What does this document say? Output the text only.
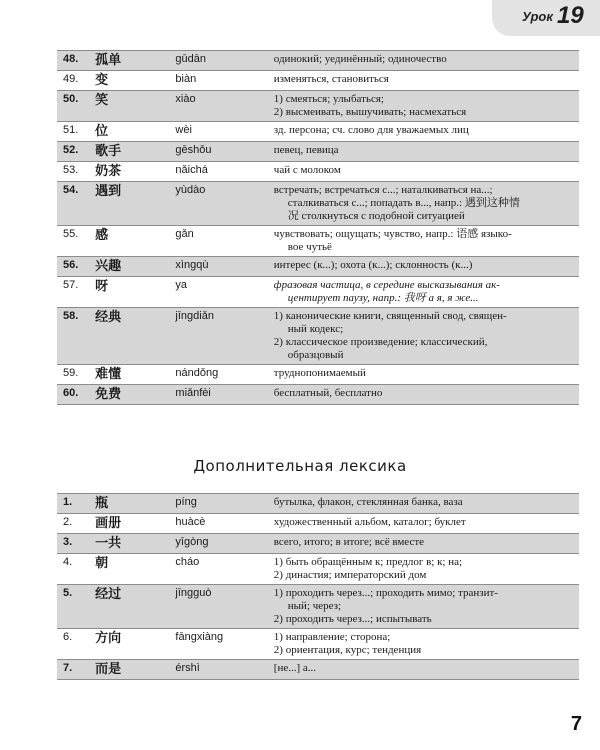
Урок 19
48.	孤单	gūdān	одинокий; уединённый; одиночество

49.	变	biàn	изменяться, становиться

50.	笑	xiào	1) смеяться; улыбаться;
2) высмеивать, вышучивать; насмехаться

51.	位	wèi	зд. персона; сч. слово для уважаемых лиц

52.	歌手	gēshǒu	певец, певица

53.	奶茶	nǎichá	чай с молоком

54.	遇到	yùdào	встречать; встречаться с...; наталкиваться на...;
сталкиваться с...; попадать в..., напр.: 遇到这种情
况 столкнуться с подобной ситуацией

55.	感	gǎn	чувствовать; ощущать; чувство, напр.: 语感 языко-
вое чутьё

56.	兴趣	xìngqù	интерес (к...); охота (к...); склонность (к...)

57.	呀	ya	фразовая частица, в середине высказывания ак-
центирует паузу, напр.: 我呀 а я, я же...

58.	经典	jīngdiǎn	1) канонические книги, священный свод, священ-
ный кодекс;
2) классическое произведение; классический,
образцовый

59.	难懂	nándǒng	труднопонимаемый

60.	免费	miǎnfèi	бесплатный, бесплатно
Дополнительная лексика
1.	瓶	píng	бутылка, флакон, стеклянная банка, ваза

2.	画册	huàcè	художественный альбом, каталог; буклет

3.	一共	yīgòng	всего, итого; в итоге; всё вместе

4.	朝	cháo	1) быть обращённым к; предлог в; к; на;
2) династия; императорский дом

5.	经过	jīngguò	1) проходить через...; проходить мимо; транзит-
ный; через;
2) проходить через...; испытывать

6.	方向	fāngxiàng	1) направление; сторона;
2) ориентация, курс; тенденция

7.	而是	érshì	[не...] а...
7
